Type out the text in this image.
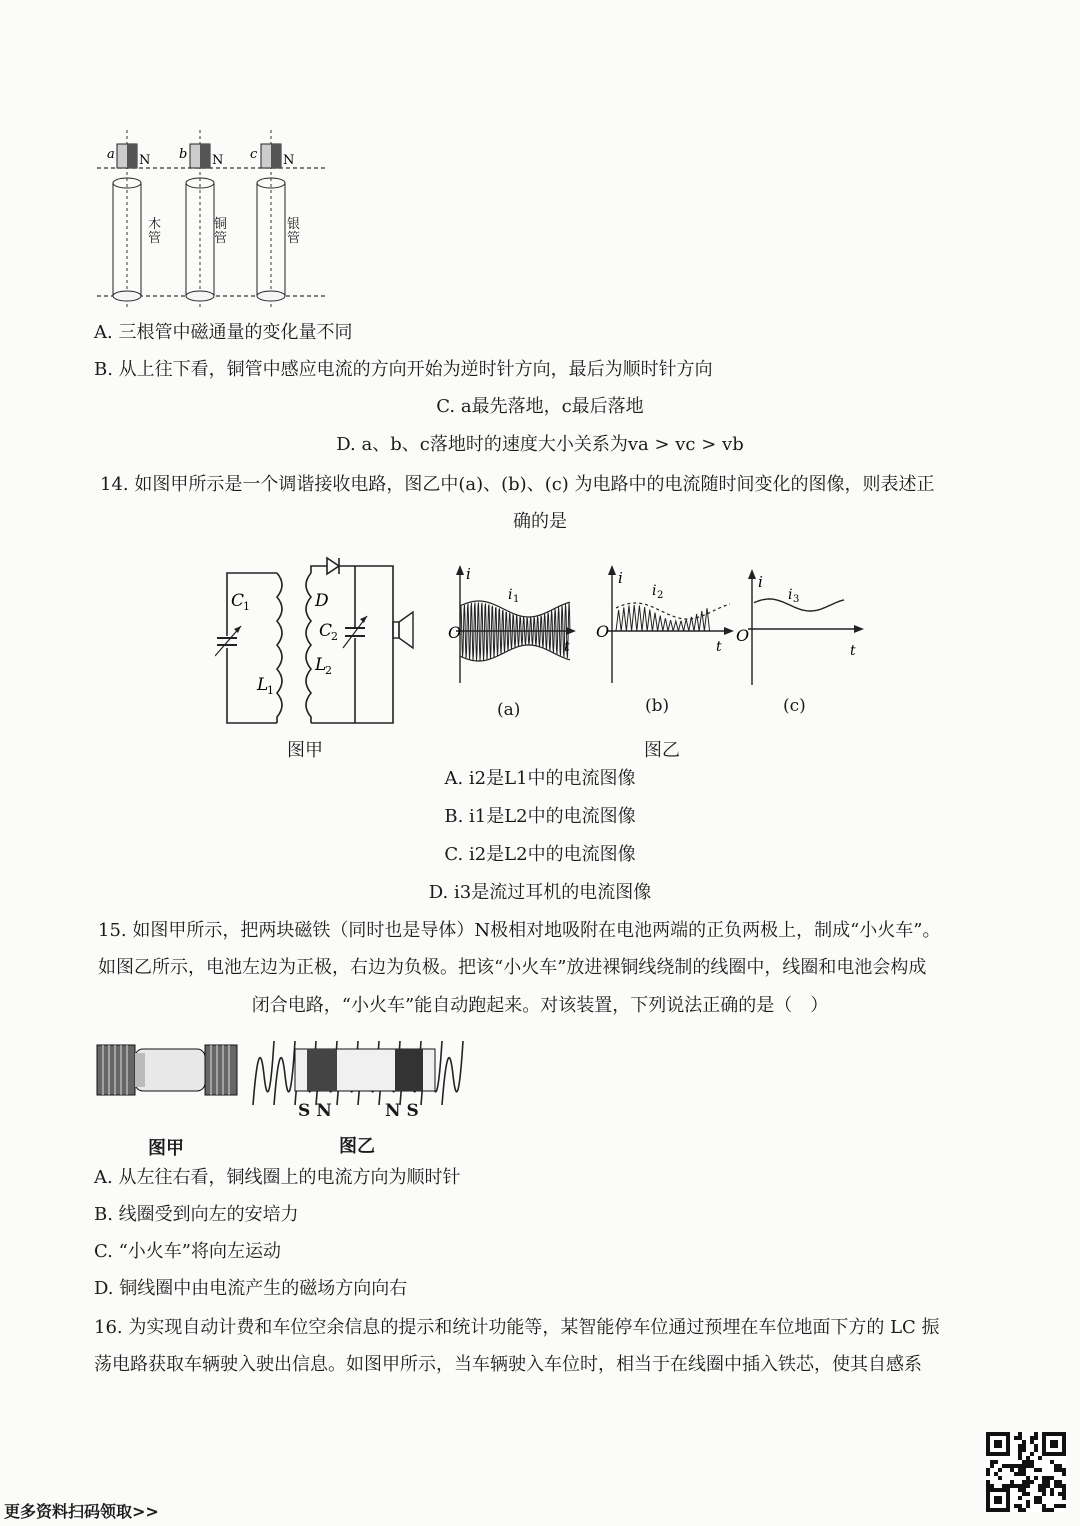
a N b N c N
木管
铜管
银管
A. 三根管中磁通量的变化量不同
B. 从上往下看，铜管中感应电流的方向开始为逆时针方向，最后为顺时针方向
C. a最先落地，c最后落地
D. a、b、c落地时的速度大小关系为va > vc > vb
14. 如图甲所示是一个调谐接收电路，图乙中(a)、(b)、(c) 为电路中的电流随时间变化的图像，则表述正
确的是
C
1	D
C
2
L
2
L
1
图甲
i
O
t
i 1
i
O
t
i 2
i
O
t
i 3
(a)	(b)	(c)
图乙
A. i2是L1中的电流图像
B. i1是L2中的电流图像
C. i2是L2中的电流图像
D. i3是流过耳机的电流图像
15. 如图甲所示，把两块磁铁（同时也是导体）N极相对地吸附在电池两端的正负两极上，制成“小火车”。
如图乙所示，电池左边为正极，右边为负极。把该“小火车”放进裸铜线绕制的线圈中，线圈和电池会构成
闭合电路，“小火车”能自动跑起来。对该装置，下列说法正确的是（　）
S N         N S
图甲	图乙
A. 从左往右看，铜线圈上的电流方向为顺时针
B. 线圈受到向左的安培力
C. “小火车”将向左运动
D. 铜线圈中由电流产生的磁场方向向右
16. 为实现自动计费和车位空余信息的提示和统计功能等，某智能停车位通过预埋在车位地面下方的 LC 振
荡电路获取车辆驶入驶出信息。如图甲所示，当车辆驶入车位时，相当于在线圈中插入铁芯，使其自感系
更多资料扫码领取>>
